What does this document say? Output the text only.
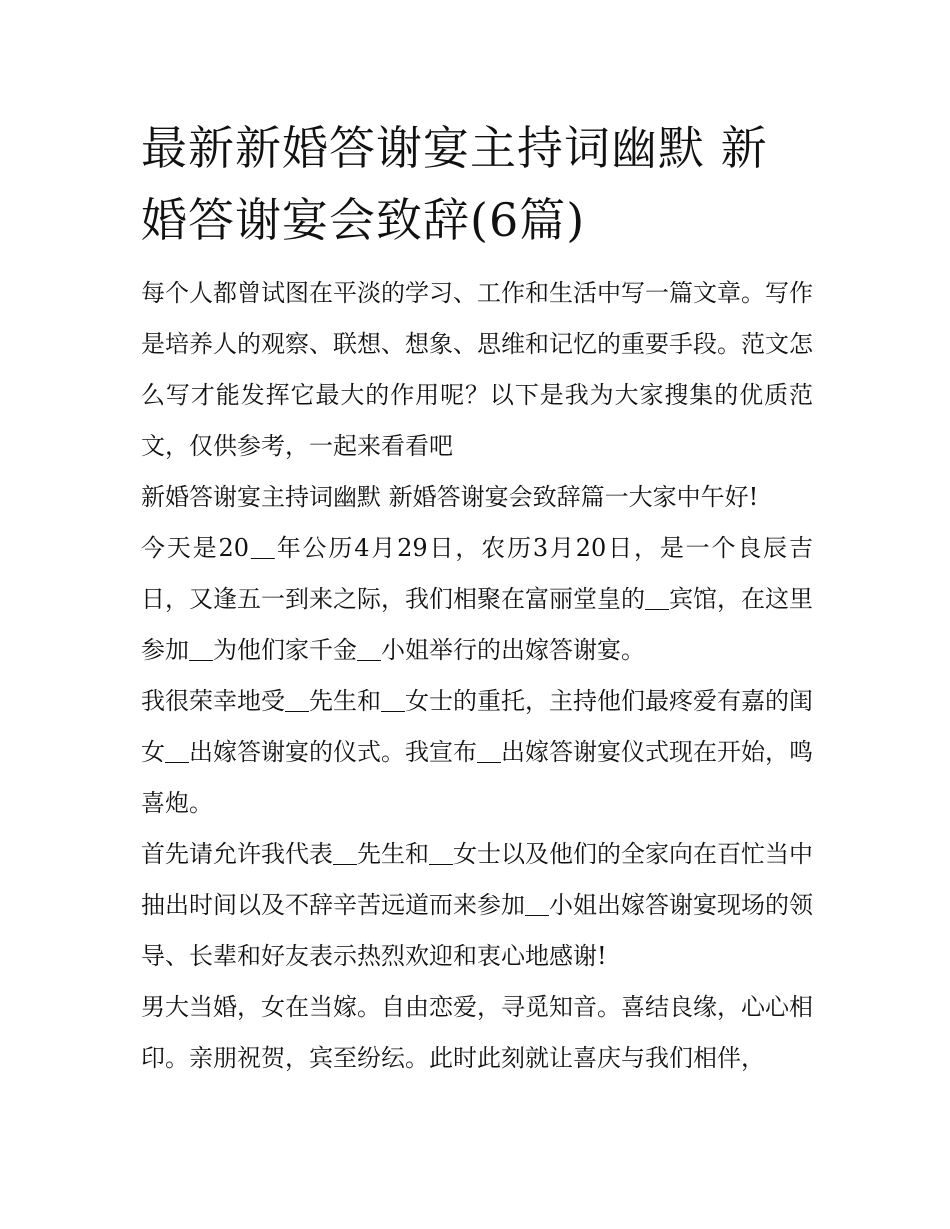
最新新婚答谢宴主持词幽默 新婚答谢宴会致辞(6篇)

每个人都曾试图在平淡的学习、工作和生活中写一篇文章。写作是培养人的观察、联想、想象、思维和记忆的重要手段。范文怎么写才能发挥它最大的作用呢？以下是我为大家搜集的优质范文，仅供参考，一起来看看吧

新婚答谢宴主持词幽默 新婚答谢宴会致辞篇一大家中午好!

今天是20＿年公历4月29日，农历3月20日，是一个良辰吉日，又逢五一到来之际，我们相聚在富丽堂皇的＿宾馆，在这里参加＿为他们家千金＿小姐举行的出嫁答谢宴。

我很荣幸地受＿先生和＿女士的重托，主持他们最疼爱有嘉的闺女＿出嫁答谢宴的仪式。我宣布＿出嫁答谢宴仪式现在开始，鸣喜炮。

首先请允许我代表＿先生和＿女士以及他们的全家向在百忙当中抽出时间以及不辞辛苦远道而来参加＿小姐出嫁答谢宴现场的领导、长辈和好友表示热烈欢迎和衷心地感谢!

男大当婚，女在当嫁。自由恋爱，寻觅知音。喜结良缘，心心相印。亲朋祝贺，宾至纷纭。此时此刻就让喜庆与我们相伴，
